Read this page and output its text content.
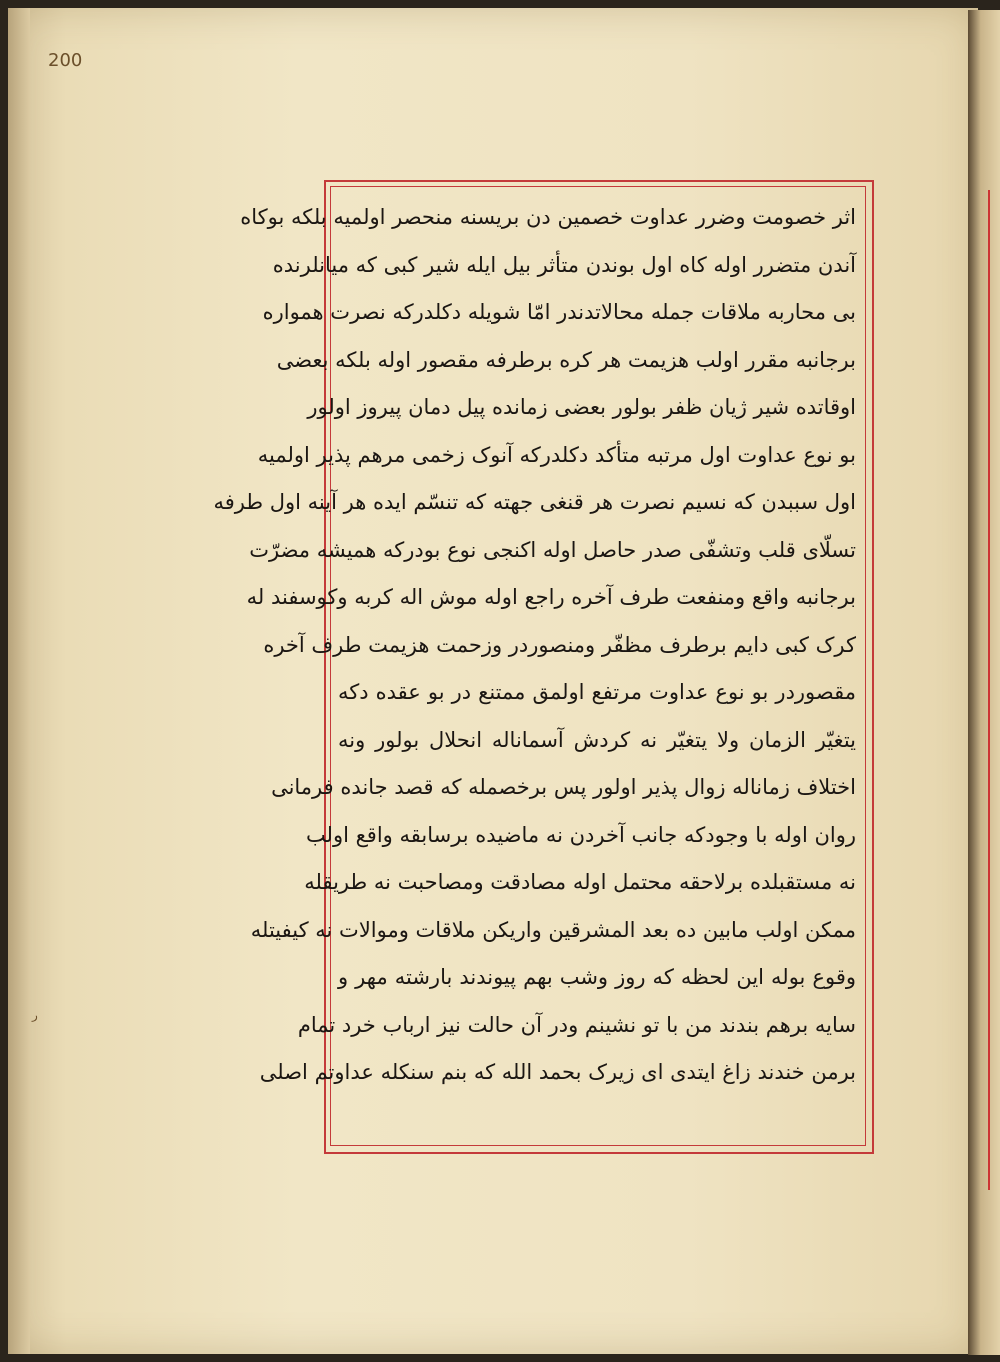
200
ر
اثر خصومت وضرر عداوت خصمین دن بریسنه منحصر اولمیه بلکه بوکاه
آندن متضرر اوله کاه اول بوندن متأثر بیل ایله شیر کبی که میانلرنده
بی محاربه ملاقات جمله محالاتدندر امّا شویله دکلدرکه نصرت همواره
برجانبه مقرر اولب هزیمت هر کره برطرفه مقصور اوله بلکه بعضی
اوقاتده شیر ژیان ظفر بولور بعضی زمانده پیل دمان پیروز اولور
بو نوع عداوت اول مرتبه متأکد دکلدرکه آنوک زخمی مرهم پذیر اولمیه
اول سببدن که نسیم نصرت هر قنغی جهته که تنسّم ایده هر آینه اول طرفه
تسلّای قلب وتشفّی صدر حاصل اوله اکنجی نوع بودرکه همیشه مضرّت
برجانبه واقع ومنفعت طرف آخره راجع اوله موش اله کربه وکوسفند له
کرک کبی دایم برطرف مظفّر ومنصوردر وزحمت هزیمت طرف آخره
مقصوردر بو نوع عداوت مرتفع اولمق ممتنع در بو عقده دکه
یتغیّر الزمان ولا یتغیّر نه کردش آسماناله انحلال بولور ونه
اختلاف زماناله زوال پذیر اولور پس برخصمله که قصد جانده فرمانی
روان اوله با وجودکه جانب آخردن نه ماضیده برسابقه واقع اولب
نه مستقبلده برلاحقه محتمل اوله مصادقت ومصاحبت نه طریقله
ممکن اولب مابین ده بعد المشرقین واریکن ملاقات وموالات نه کیفیتله
وقوع بوله این لحظه که روز وشب بهم پیوندند بارشته مهر و
سایه برهم بندند من با تو نشینم ودر آن حالت نیز ارباب خرد تمام
برمن خندند زاغ ایتدی ای زیرک بحمد الله که بنم سنکله عداوتم اصلی
